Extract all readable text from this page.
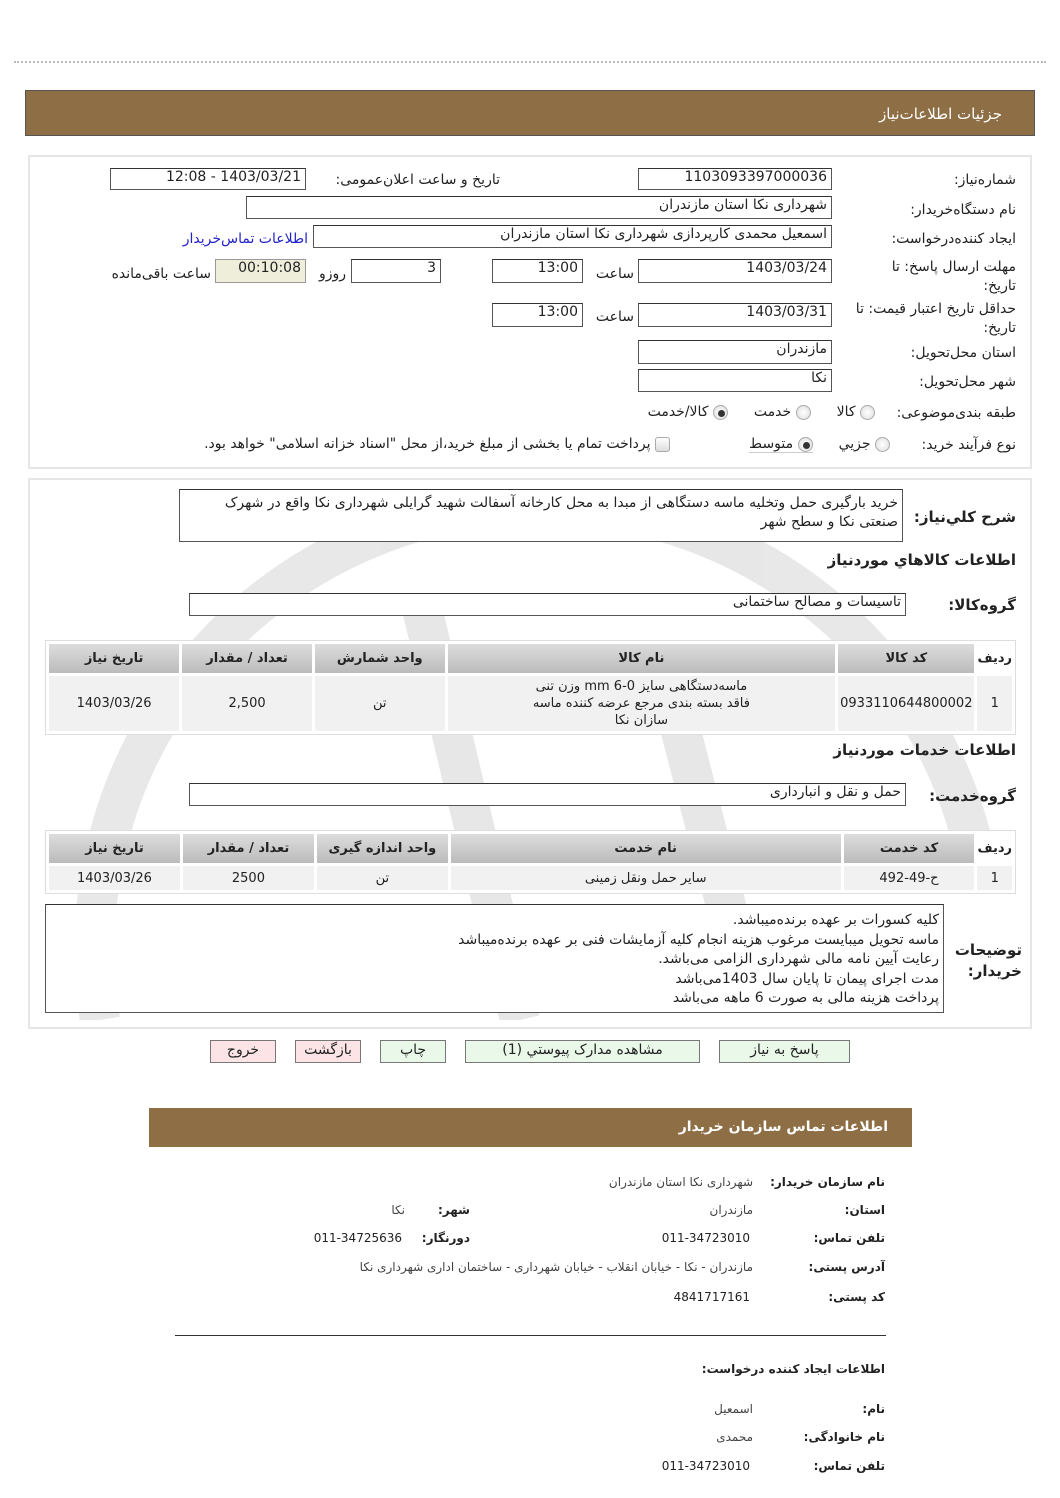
جزئیات اطلاعات‌نیاز
شماره‌نیاز:
1103093397000036
تاریخ و ساعت اعلان‌عمومی:
1403/03/21 - 12:08
نام دستگاه‌خریدار:
شهرداری نکا استان مازندران
ایجاد کننده‌درخواست:
اسمعیل محمدی کارپردازی شهرداری نکا استان مازندران
اطلاعات تماس‌خریدار
مهلت ارسال پاسخ: تا تاریخ:
1403/03/24
ساعت
13:00
3
روزو
00:10:08
ساعت باقی‌مانده
حداقل تاریخ اعتبار قیمت: تا تاریخ:
1403/03/31
ساعت
13:00
استان محل‌تحویل:
مازندران
شهر محل‌تحویل:
نکا
طبقه بندی‌موضوعی:
کالا
خدمت
کالا/خدمت
نوع فرآیند خرید:
جزیي
متوسط
پرداخت تمام یا بخشی از مبلغ خرید،از محل "اسناد خزانه اسلامی" خواهد بود.
شرح کلي‌نیاز:
خرید بارگیری حمل وتخلیه ماسه دستگاهی از مبدا به محل کارخانه آسفالت شهید گرایلی شهرداری نکا واقع در شهرک صنعتی نکا و سطح شهر
اطلاعات کالاهاي موردنیاز
گروه‌کالا:
تاسیسات و مصالح ساختمانی
ردیف	کد کالا	نام کالا	واحد شمارش	تعداد / مقدار	تاریخ نیاز
1	0933110644800002	ماسه‌دستگاهی سایز 0-6 mm وزن تنی فاقد بسته بندی مرجع عرضه کننده ماسه سازان نکا	تن	2,500	1403/03/26
اطلاعات خدمات موردنیاز
گروه‌خدمت:
حمل و نقل و انبارداری
ردیف	کد خدمت	نام خدمت	واحد اندازه گیری	تعداد / مقدار	تاریخ نیاز
1	ح-49-492	سایر حمل ونقل زمینی	تن	2500	1403/03/26
توضیحات خریدار:
کلیه کسورات بر عهده برنده‌میباشد.
ماسه تحویل میبایست مرغوب هزینه انجام کلیه آزمایشات فنی بر عهده برنده‌میباشد
رعایت آیین نامه مالی شهرداری الزامی می‌باشد.
مدت اجرای پیمان تا پایان سال 1403می‌باشد
پرداخت هزینه مالی به صورت 6 ماهه می‌باشد
پاسخ به نیاز
مشاهده مدارک پیوستي (1)
چاپ
بازگشت
خروج
اطلاعات تماس سازمان خریدار
نام سازمان خریدار:
شهرداری نکا استان مازندران
استان:
مازندران
شهر:
نکا
تلفن تماس:
011-34723010
دورنگار:
011-34725636
آدرس پستی:
مازندران - نکا - خیابان انقلاب - خیابان شهرداری - ساختمان اداری شهرداری نکا
کد پستی:
4841717161
اطلاعات ایجاد کننده درخواست:
نام:
اسمعیل
نام خانوادگی:
محمدی
تلفن تماس:
011-34723010
